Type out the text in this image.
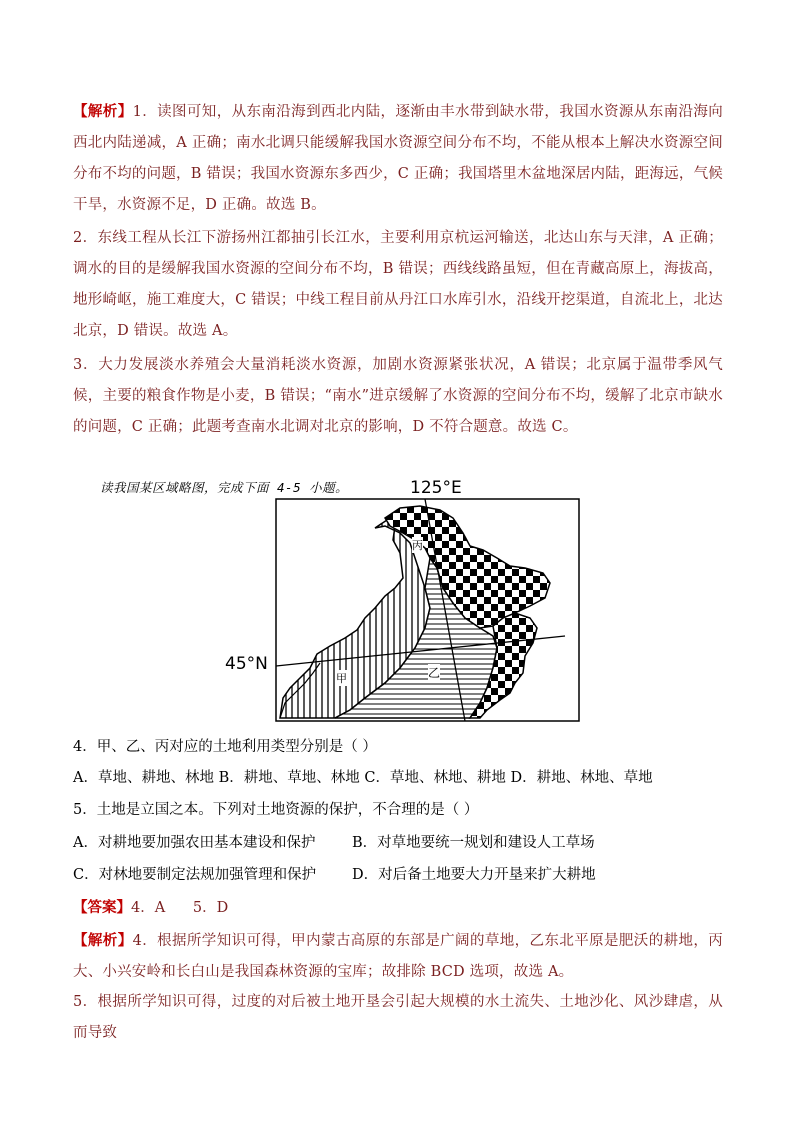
【解析】1．读图可知，从东南沿海到西北内陆，逐渐由丰水带到缺水带，我国水资源从东南沿海向西北内陆递减，A 正确；南水北调只能缓解我国水资源空间分布不均，不能从根本上解决水资源空间分布不均的问题，B 错误；我国水资源东多西少，C 正确；我国塔里木盆地深居内陆，距海远，气候干旱，水资源不足，D 正确。故选 B。
2．东线工程从长江下游扬州江都抽引长江水，主要利用京杭运河输送，北达山东与天津，A 正确；调水的目的是缓解我国水资源的空间分布不均，B 错误；西线线路虽短，但在青藏高原上，海拔高，地形崎岖，施工难度大，C 错误；中线工程目前从丹江口水库引水，沿线开挖渠道，自流北上，北达北京，D 错误。故选 A。
3．大力发展淡水养殖会大量消耗淡水资源，加剧水资源紧张状况，A 错误；北京属于温带季风气候，主要的粮食作物是小麦，B 错误；“南水”进京缓解了水资源的空间分布不均，缓解了北京市缺水的问题，C 正确；此题考查南水北调对北京的影响，D 不符合题意。故选 C。
读我国某区域略图，完成下面 4-5 小题。	125°E
45°N
甲	乙
丙
4．甲、乙、丙对应的土地利用类型分别是（ ）
A．草地、耕地、林地 B．耕地、草地、林地 C．草地、林地、耕地 D．耕地、林地、草地
5．土地是立国之本。下列对土地资源的保护，不合理的是（ ）
A．对耕地要加强农田基本建设和保护	B．对草地要统一规划和建设人工草场
C．对林地要制定法规加强管理和保护 D．对后备土地要大力开垦来扩大耕地
【答案】4．A      5．D
【解析】4．根据所学知识可得，甲内蒙古高原的东部是广阔的草地，乙东北平原是肥沃的耕地，丙大、小兴安岭和长白山是我国森林资源的宝库；故排除 BCD 选项，故选 A。
5．根据所学知识可得，过度的对后被土地开垦会引起大规模的水土流失、土地沙化、风沙肆虐，从而导致
